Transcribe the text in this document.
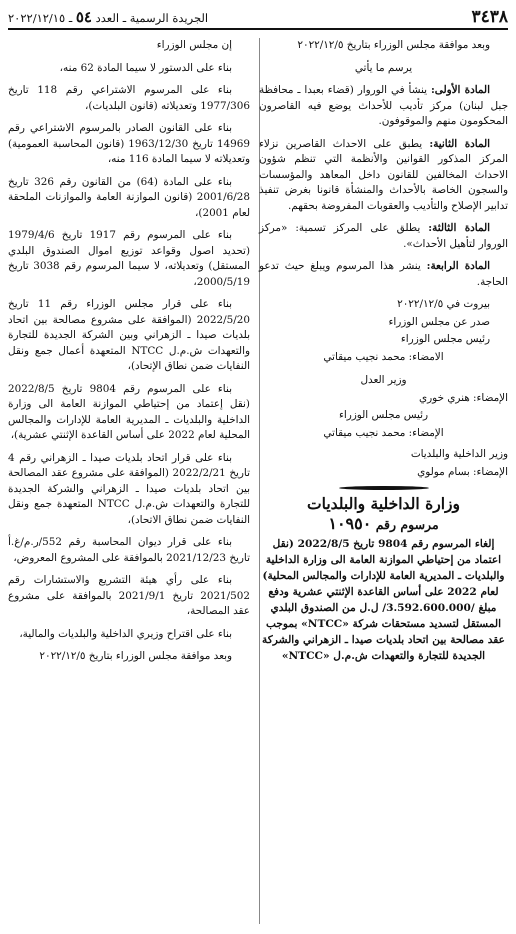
٣٤٣٨
الجريدة الرسمية ـ العدد ٥٤ ـ ٢٠٢٢/١٢/١٥

وبعد موافقة مجلس الوزراء بتاريخ ٢٠٢٢/١٢/٥

يرسم ما يأتي

المادة الأولى: ينشأ في الوروار (قضاء بعبدا ـ محافظة جبل لبنان) مركز تأديب للأحداث يوضع فيه القاصرون المحكومون منهم والموقوفون.

المادة الثانية: يطبق على الاحداث القاصرين نزلاء المركز المذكور القوانين والأنظمة التي تنظم شؤون الاحداث المخالفين للقانون داخل المعاهد والمؤسسات والسجون الخاصة بالأحداث والمنشأة قانونا بغرض تنفيذ تدابير الإصلاح والتأديب والعقوبات المفروضة بحقهم.

المادة الثالثة: يطلق على المركز تسمية: «مركز الوروار لتأهيل الأحداث».

المادة الرابعة: ينشر هذا المرسوم ويبلغ حيث تدعو الحاجة.

بيروت في ٢٠٢٢/١٢/٥

صدر عن مجلس الوزراء

رئيس مجلس الوزراء

الامضاء: محمد نجيب ميقاتي

وزير العدل

الإمضاء: هنري خوري

رئيس مجلس الوزراء

الإمضاء: محمد نجيب ميقاتي

وزير الداخلية والبلديات

الإمضاء: بسام مولوي

وزارة الداخلية والبلديات
مرسوم رقم ١٠٩٥٠
إلغاء المرسوم رقم 9804 تاريخ 2022/8/5 (نقل اعتماد من إحتياطي الموازنة العامة الى وزارة الداخلية والبلديات ـ المديرية العامة للإدارات والمجالس المحلية) لعام 2022 على أساس القاعدة الإثنتي عشرية ودفع مبلغ /3.592.600.000/ ل.ل من الصندوق البلدي المستقل لتسديد مستحقات شركة «NTCC» بموجب عقد مصالحة بين اتحاد بلديات صيدا ـ الزهراني والشركة الجديدة للتجارة والتعهدات ش.م.ل «NTCC»

إن مجلس الوزراء

بناء على الدستور لا سيما المادة 62 منه،

بناء على المرسوم الاشتراعي رقم 118 تاريخ 1977/306 وتعديلاته (قانون البلديات)،

بناء على القانون الصادر بالمرسوم الاشتراعي رقم 14969 تاريخ 1963/12/30 (قانون المحاسبة العمومية) وتعديلاته لا سيما المادة 116 منه،

بناء على المادة (64) من القانون رقم 326 تاريخ 2001/6/28 (قانون الموازنة العامة والموازنات الملحقة لعام 2001)،

بناء على المرسوم رقم 1917 تاريخ 1979/4/6 (تحديد اصول وقواعد توزيع اموال الصندوق البلدي المستقل) وتعديلاته، لا سيما المرسوم رقم 3038 تاريخ 2000/5/19،

بناء على قرار مجلس الوزراء رقم 11 تاريخ 2022/5/20 (الموافقة على مشروع مصالحة بين اتحاد بلديات صيدا ـ الزهراني وبين الشركة الجديدة للتجارة والتعهدات ش.م.ل NTCC المتعهدة أعمال جمع ونقل النفايات ضمن نطاق الإتحاد)،

بناء على المرسوم رقم 9804 تاريخ 2022/8/5 (نقل إعتماد من إحتياطي الموازنة العامة الى وزارة الداخلية والبلديات ـ المديرية العامة للإدارات والمجالس المحلية لعام 2022 على أساس القاعدة الإثنتي عشرية)،

بناء على قرار اتحاد بلديات صيدا ـ الزهراني رقم 4 تاريخ 2022/2/21 (الموافقة على مشروع عقد المصالحة بين اتحاد بلديات صيدا ـ الزهراني والشركة الجديدة للتجارة والتعهدات ش.م.ل NTCC المتعهدة جمع ونقل النفايات ضمن نطاق الاتحاد)،

بناء على قرار ديوان المحاسبة رقم 552/ر.م/غ.أ تاريخ 2021/12/23 بالموافقة على المشروع المعروض،

بناء على رأي هيئة التشريع والاستشارات رقم 2021/502 تاريخ 2021/9/1 بالموافقة على مشروع عقد المصالحة،

بناء على اقتراح وزيري الداخلية والبلديات والمالية،

وبعد موافقة مجلس الوزراء بتاريخ ٢٠٢٢/١٢/٥
